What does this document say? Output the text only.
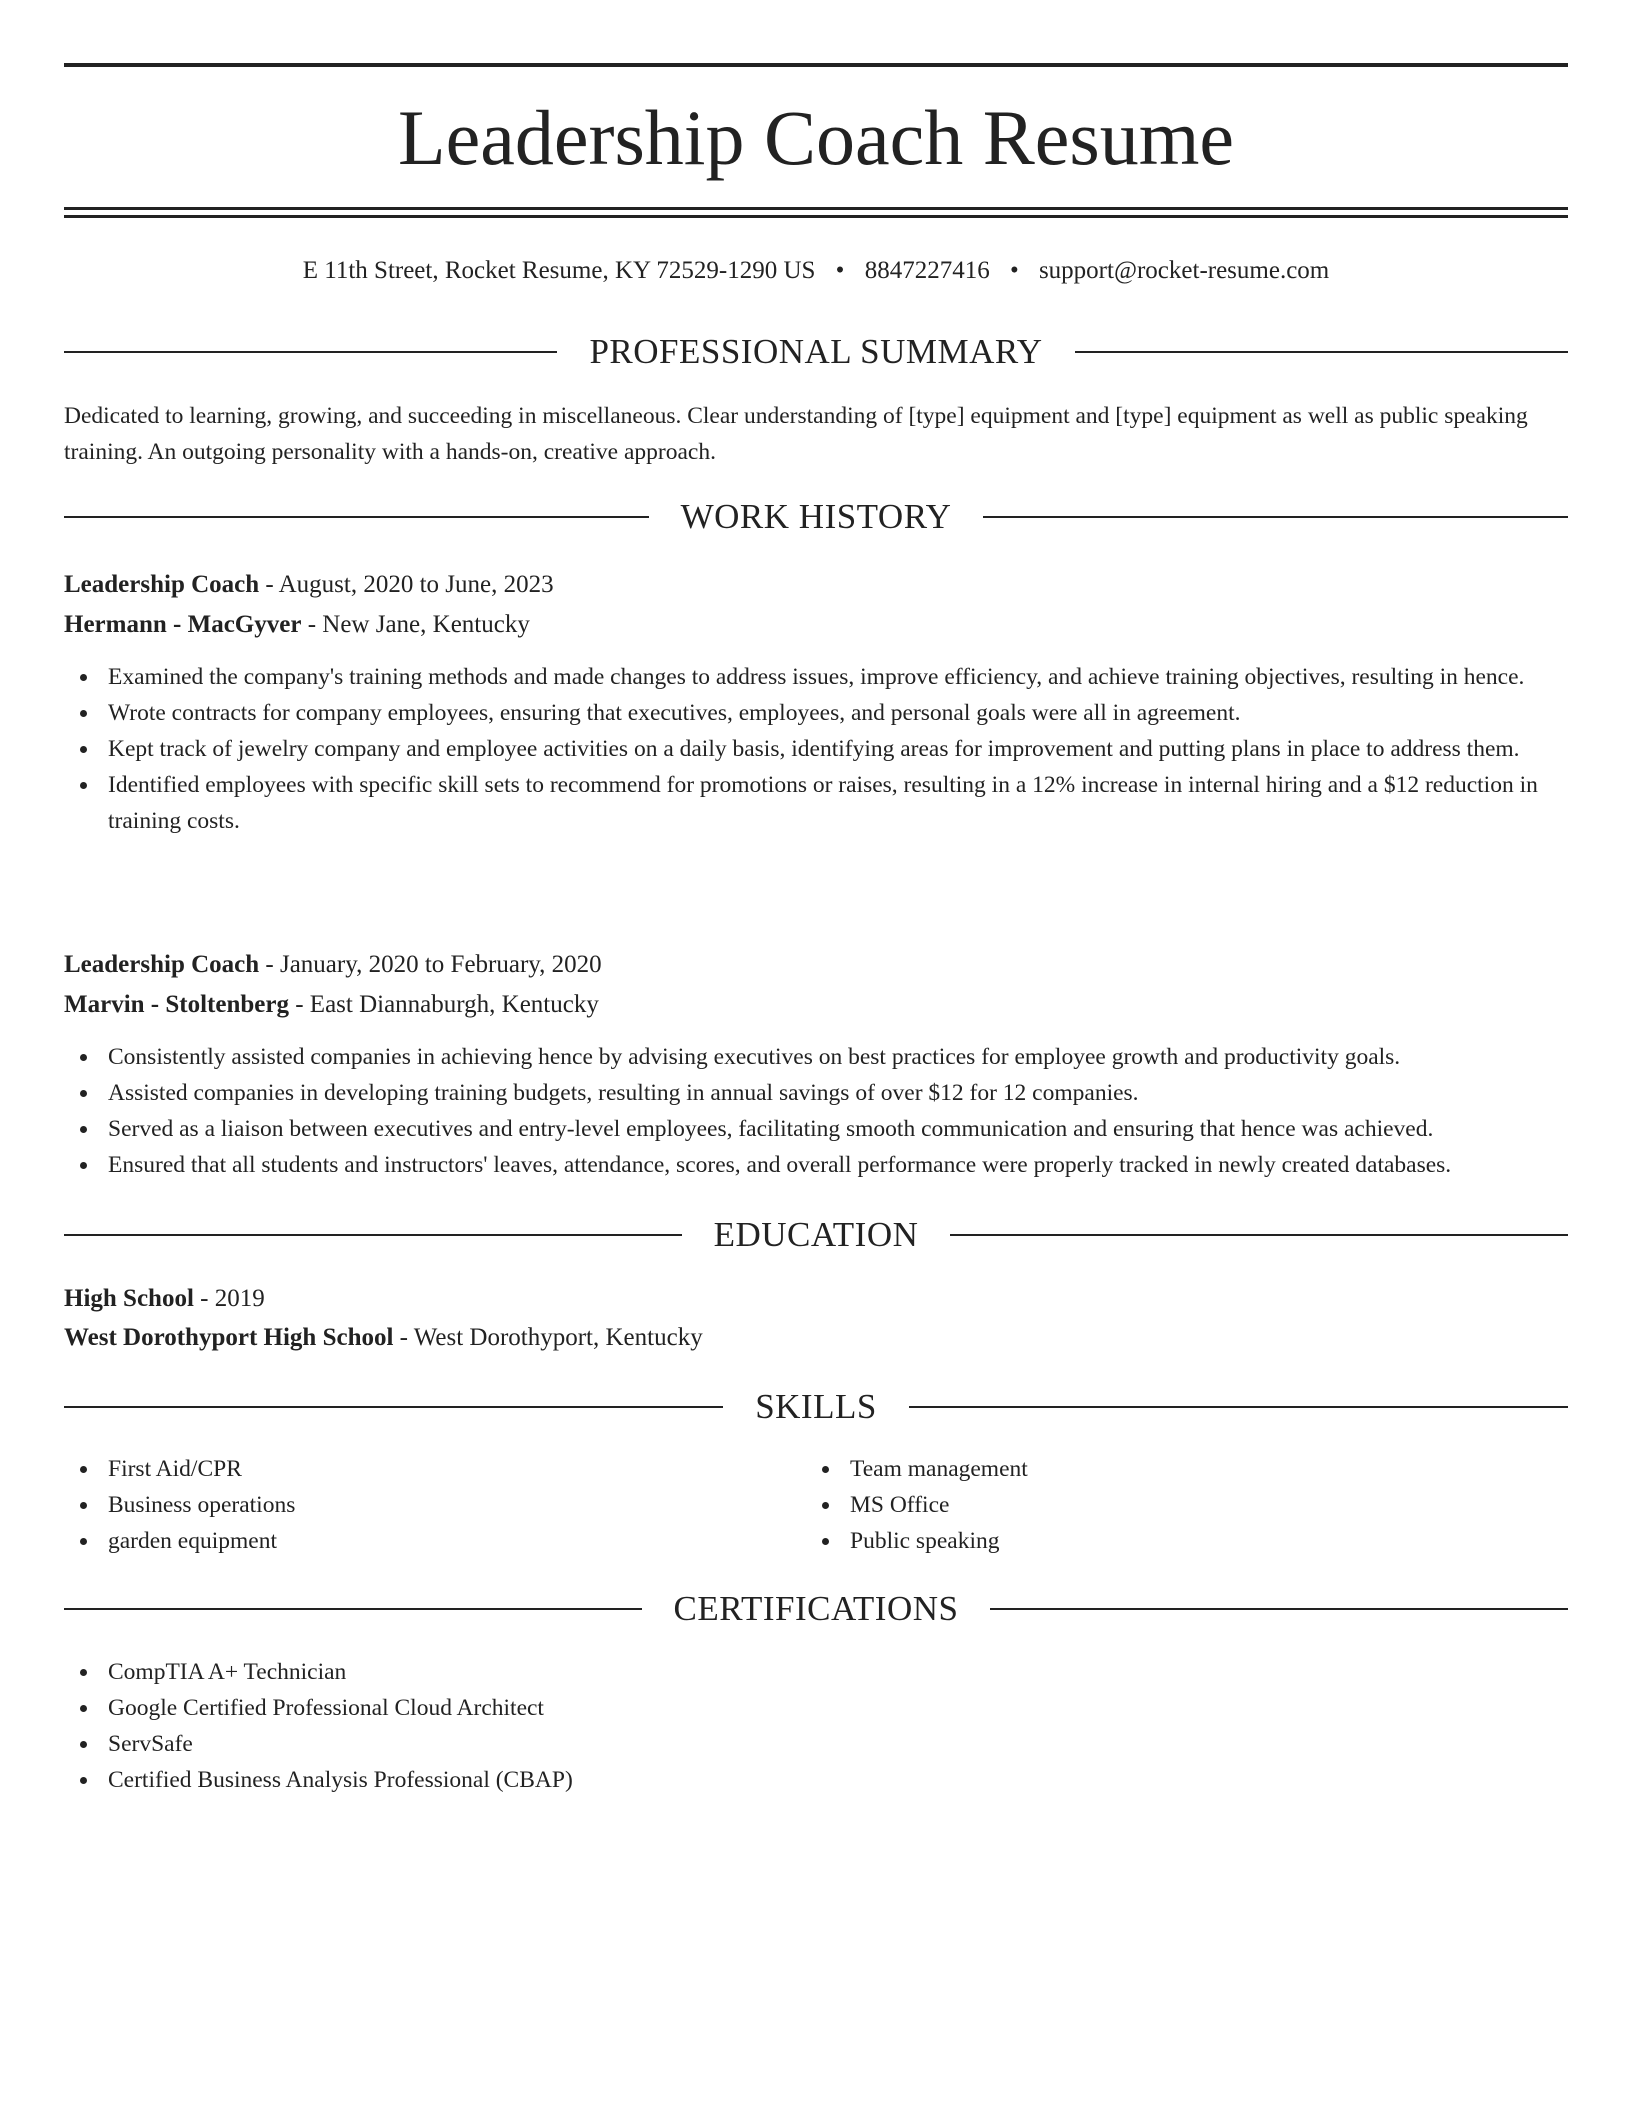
Leadership Coach Resume
E 11th Street, Rocket Resume, KY 72529-1290 US • 8847227416 • support@rocket-resume.com
PROFESSIONAL SUMMARY
Dedicated to learning, growing, and succeeding in miscellaneous. Clear understanding of [type] equipment and [type] equipment as well as public speaking training. An outgoing personality with a hands-on, creative approach.
WORK HISTORY
Leadership Coach - August, 2020 to June, 2023
Hermann - MacGyver - New Jane, Kentucky
Examined the company's training methods and made changes to address issues, improve efficiency, and achieve training objectives, resulting in hence.
Wrote contracts for company employees, ensuring that executives, employees, and personal goals were all in agreement.
Kept track of jewelry company and employee activities on a daily basis, identifying areas for improvement and putting plans in place to address them.
Identified employees with specific skill sets to recommend for promotions or raises, resulting in a 12% increase in internal hiring and a $12 reduction in training costs.
Leadership Coach - January, 2020 to February, 2020
Marvin - Stoltenberg - East Diannaburgh, Kentucky
Consistently assisted companies in achieving hence by advising executives on best practices for employee growth and productivity goals.
Assisted companies in developing training budgets, resulting in annual savings of over $12 for 12 companies.
Served as a liaison between executives and entry-level employees, facilitating smooth communication and ensuring that hence was achieved.
Ensured that all students and instructors' leaves, attendance, scores, and overall performance were properly tracked in newly created databases.
EDUCATION
High School - 2019
West Dorothyport High School - West Dorothyport, Kentucky
SKILLS
First Aid/CPR
Business operations
garden equipment
Team management
MS Office
Public speaking
CERTIFICATIONS
CompTIA A+ Technician
Google Certified Professional Cloud Architect
ServSafe
Certified Business Analysis Professional (CBAP)
